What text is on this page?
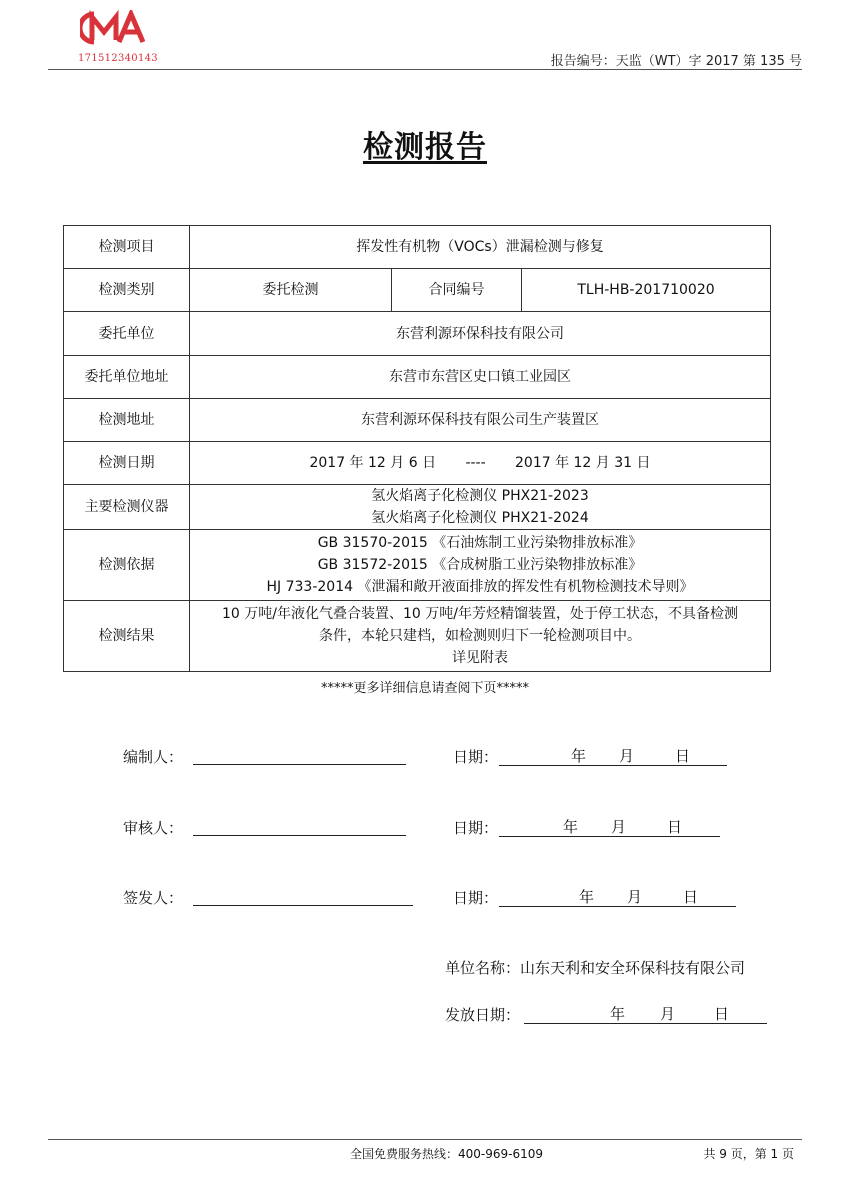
171512340143	报告编号：天监（WT）字 2017 第 135 号
检测报告
检测项目	挥发性有机物（VOCs）泄漏检测与修复		
检测类别	委托检测	合同编号	TLH-HB-201710020
委托单位	东营利源环保科技有限公司		
委托单位地址	东营市东营区史口镇工业园区		
检测地址	东营利源环保科技有限公司生产装置区		
检测日期	2017 年 12 月 6 日 ---- 2017 年 12 月 31 日		
主要检测仪器	氢火焰离子化检测仪 PHX21-2023
氢火焰离子化检测仪 PHX21-2024		

检测依据	GB 31570-2015 《石油炼制工业污染物排放标准》
GB 31572-2015 《合成树脂工业污染物排放标准》
HJ 733-2014 《泄漏和敞开液面排放的挥发性有机物检测技术导则》		

检测结果	10 万吨/年液化气叠合装置、10 万吨/年芳烃精馏装置，处于停工状态，不具备检测
条件，本轮只建档，如检测则归下一轮检测项目中。
详见附表		
*****更多详细信息请查阅下页*****
编制人：	日期：	年 月	日
审核人：	日期：	年 月	日
签发人：	日期：	年 月	日
单位名称：山东天利和安全环保科技有限公司
发放日期：	年 月	日
全国免费服务热线：400-969-6109	共 9 页，第 1 页
